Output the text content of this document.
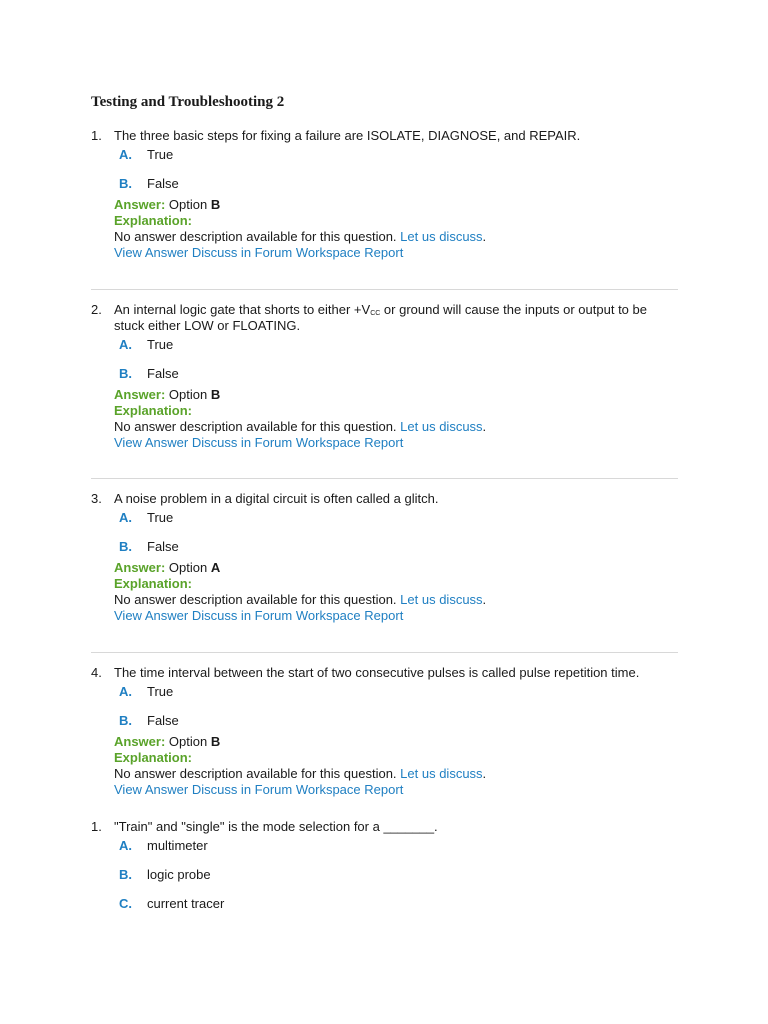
Testing and Troubleshooting 2
1. The three basic steps for fixing a failure are ISOLATE, DIAGNOSE, and REPAIR.
A.	True
B.	False
Answer: Option B
Explanation:
No answer description available for this question. Let us discuss.
View Answer Discuss in Forum Workspace Report
2. An internal logic gate that shorts to either $+V_{CC}$ or ground will cause the inputs or output to be stuck either LOW or FLOATING.
A.	True
B.	False
Answer: Option B
Explanation:
No answer description available for this question. Let us discuss.
View Answer Discuss in Forum Workspace Report
3. A noise problem in a digital circuit is often called a glitch.
A.	True
B.	False
Answer: Option A
Explanation:
No answer description available for this question. Let us discuss.
View Answer Discuss in Forum Workspace Report
4. The time interval between the start of two consecutive pulses is called pulse repetition time.
A.	True
B.	False
Answer: Option B
Explanation:
No answer description available for this question. Let us discuss.
View Answer Discuss in Forum Workspace Report
1. "Train" and "single" is the mode selection for a _______.
A.	multimeter
B.	logic probe
C.	current tracer
